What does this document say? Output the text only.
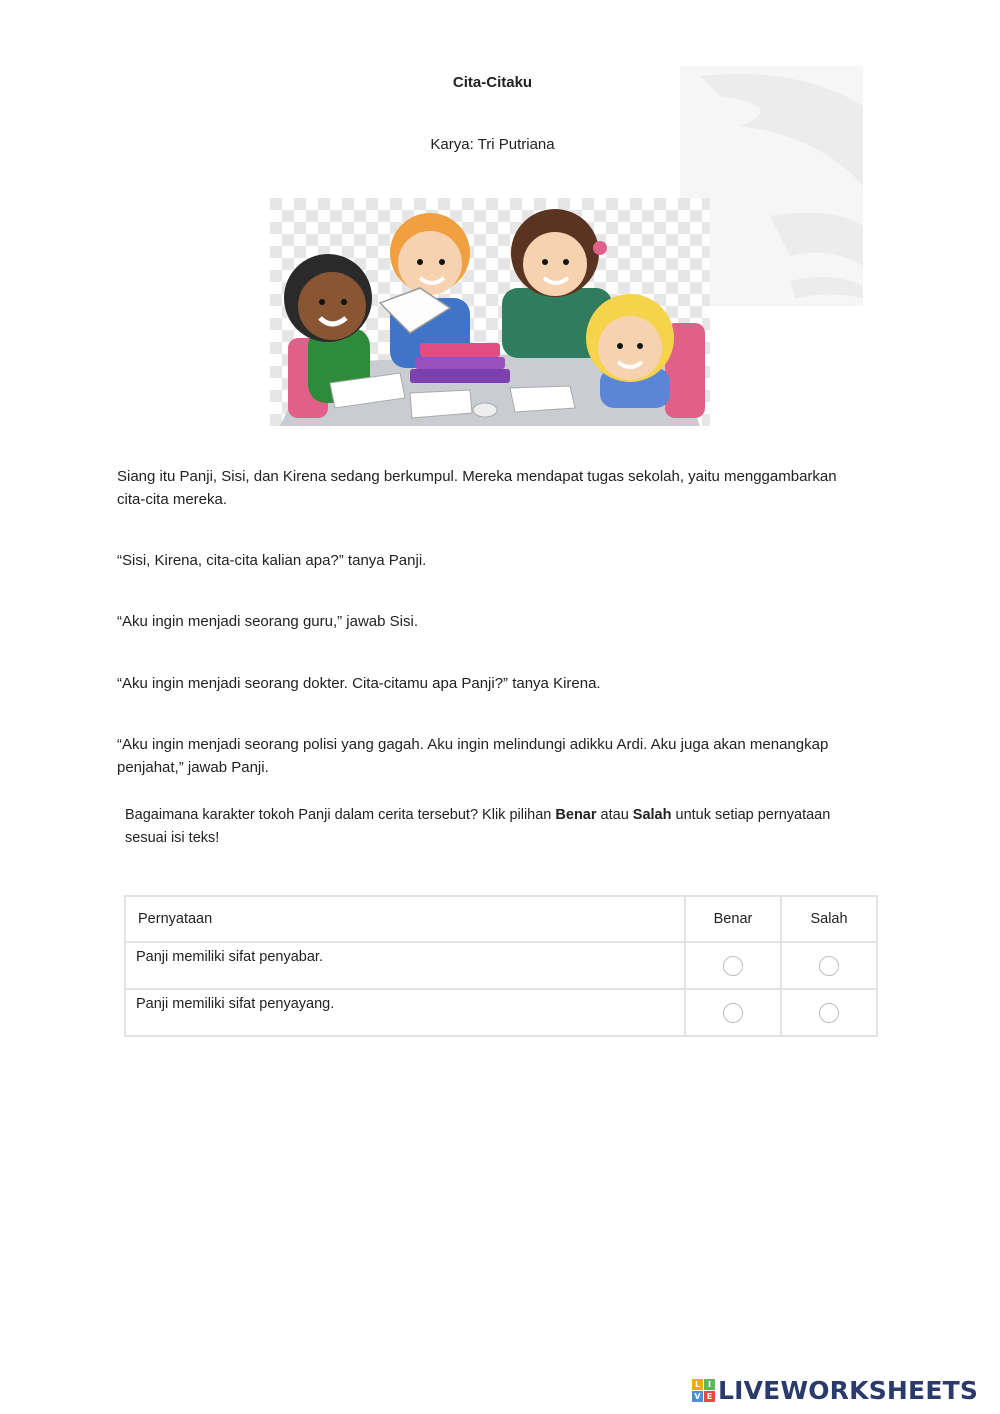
Cita-Citaku
Karya: Tri Putriana
Siang itu Panji, Sisi, dan Kirena sedang berkumpul. Mereka mendapat tugas sekolah, yaitu menggambarkan cita-cita mereka.
“Sisi, Kirena, cita-cita kalian apa?” tanya Panji.
“Aku ingin menjadi seorang guru,” jawab Sisi.
“Aku ingin menjadi seorang dokter. Cita-citamu apa Panji?” tanya Kirena.
“Aku ingin menjadi seorang polisi yang gagah. Aku ingin melindungi adikku Ardi. Aku juga akan menangkap penjahat,” jawab Panji.
Bagaimana karakter tokoh Panji dalam cerita tersebut? Klik pilihan Benar atau Salah untuk setiap pernyataan sesuai isi teks!
Pernyataan	Benar	Salah
Panji memiliki sifat penyabar.		
Panji memiliki sifat penyayang.		
L I
V E LIVEWORKSHEETS
